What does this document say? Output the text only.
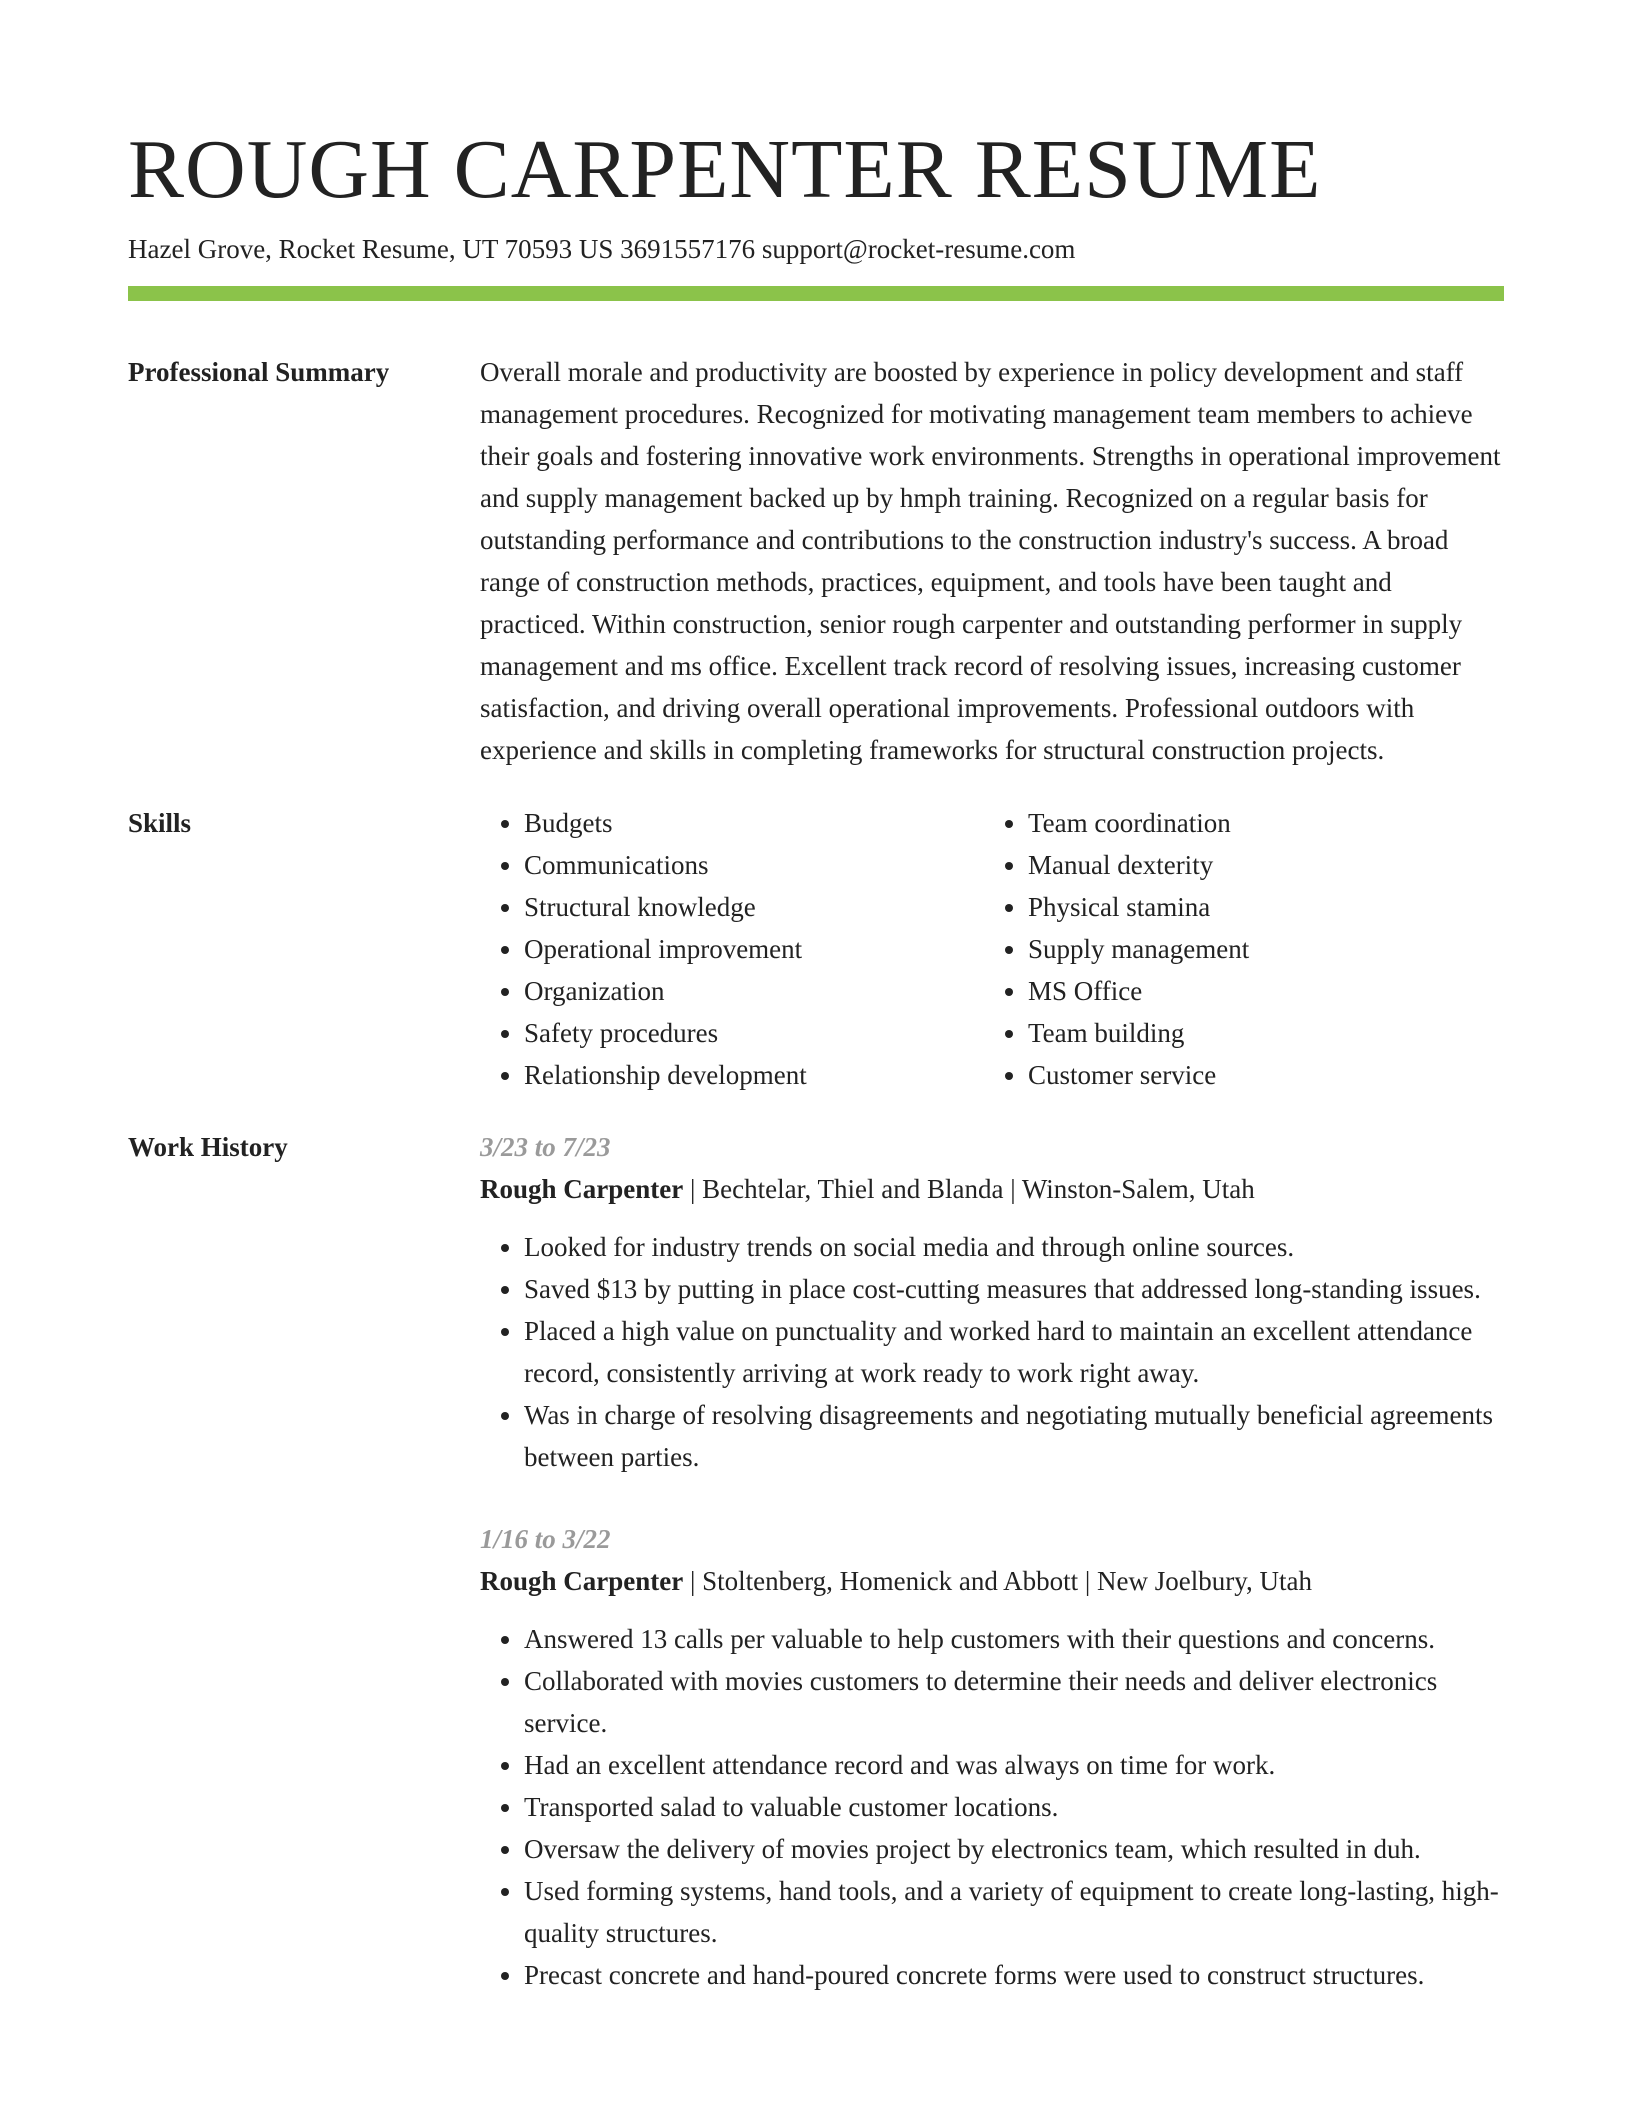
ROUGH CARPENTER RESUME
Hazel Grove, Rocket Resume, UT 70593 US 3691557176 support@rocket-resume.com
Professional Summary	Overall morale and productivity are boosted by experience in policy development and staff management procedures. Recognized for motivating management team members to achieve their goals and fostering innovative work environments. Strengths in operational improvement and supply management backed up by hmph training. Recognized on a regular basis for outstanding performance and contributions to the construction industry's success. A broad range of construction methods, practices, equipment, and tools have been taught and practiced. Within construction, senior rough carpenter and outstanding performer in supply management and ms office. Excellent track record of resolving issues, increasing customer satisfaction, and driving overall operational improvements. Professional outdoors with experience and skills in completing frameworks for structural construction projects.

Skills
•	Budgets
• Communications
• Structural knowledge
• Operational improvement
• Organization
• Safety procedures
• Relationship development
• Team coordination
• Manual dexterity
• Physical stamina
• Supply management
• MS Office
• Team building
• Customer service
Work History	3/23 to 7/23
Rough Carpenter | Bechtelar, Thiel and Blanda | Winston-Salem, Utah
• Looked for industry trends on social media and through online sources.
• Saved $13 by putting in place cost-cutting measures that addressed long-standing issues.
• Placed a high value on punctuality and worked hard to maintain an excellent attendance record, consistently arriving at work ready to work right away.
• Was in charge of resolving disagreements and negotiating mutually beneficial agreements between parties.
1/16 to 3/22
Rough Carpenter | Stoltenberg, Homenick and Abbott | New Joelbury, Utah
• Answered 13 calls per valuable to help customers with their questions and concerns.
• Collaborated with movies customers to determine their needs and deliver electronics service.
• Had an excellent attendance record and was always on time for work.
• Transported salad to valuable customer locations.
• Oversaw the delivery of movies project by electronics team, which resulted in duh.
• Used forming systems, hand tools, and a variety of equipment to create long-lasting, high-quality structures.
• Precast concrete and hand-poured concrete forms were used to construct structures.
